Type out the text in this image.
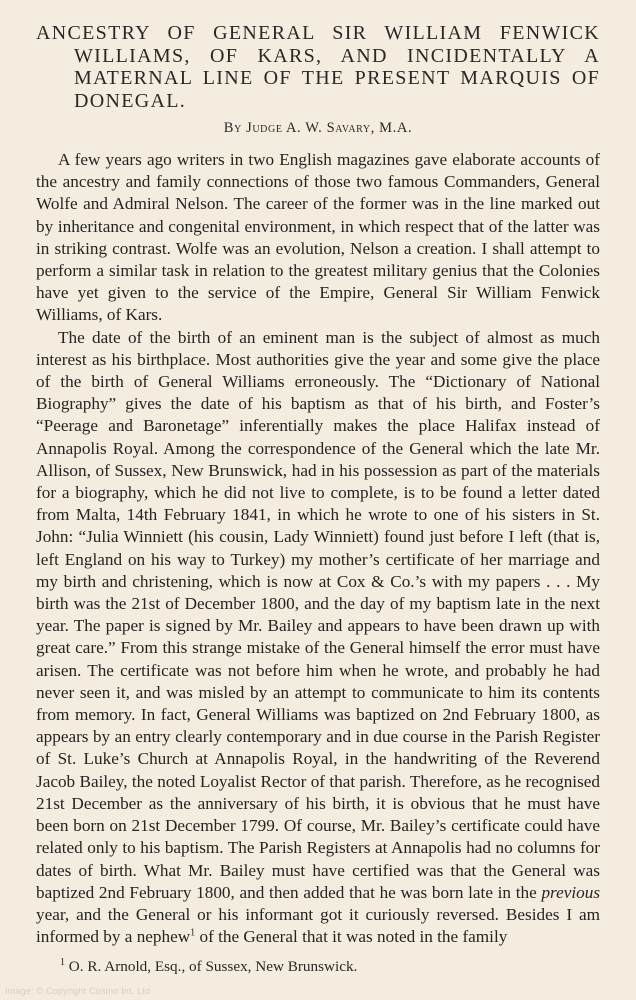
ANCESTRY OF GENERAL SIR WILLIAM FENWICK WILLIAMS, OF KARS, AND INCIDENTALLY A MATERNAL LINE OF THE PRESENT MARQUIS OF DONEGAL.
By Judge A. W. Savary, M.A.

A few years ago writers in two English magazines gave elaborate accounts of the ancestry and family connections of those two famous Commanders, General Wolfe and Admiral Nelson. The career of the former was in the line marked out by inheritance and congenital environment, in which respect that of the latter was in striking contrast. Wolfe was an evolution, Nelson a creation. I shall attempt to perform a similar task in relation to the greatest military genius that the Colonies have yet given to the service of the Empire, General Sir William Fenwick Williams, of Kars.

The date of the birth of an eminent man is the subject of almost as much interest as his birthplace. Most authorities give the year and some give the place of the birth of General Williams erroneously. The “Dictionary of National Biography” gives the date of his baptism as that of his birth, and Foster’s “Peerage and Baronetage” inferentially makes the place Halifax instead of Annapolis Royal. Among the correspondence of the General which the late Mr. Allison, of Sussex, New Brunswick, had in his possession as part of the materials for a biography, which he did not live to complete, is to be found a letter dated from Malta, 14th February 1841, in which he wrote to one of his sisters in St. John: “Julia Winniett (his cousin, Lady Winniett) found just before I left (that is, left England on his way to Turkey) my mother’s certificate of her marriage and my birth and christening, which is now at Cox & Co.’s with my papers . . . My birth was the 21st of December 1800, and the day of my baptism late in the next year. The paper is signed by Mr. Bailey and appears to have been drawn up with great care.” From this strange mistake of the General himself the error must have arisen. The certificate was not before him when he wrote, and probably he had never seen it, and was misled by an attempt to communicate to him its contents from memory. In fact, General Williams was baptized on 2nd February 1800, as appears by an entry clearly contemporary and in due course in the Parish Register of St. Luke’s Church at Annapolis Royal, in the handwriting of the Reverend Jacob Bailey, the noted Loyalist Rector of that parish. Therefore, as he recognised 21st December as the anniversary of his birth, it is obvious that he must have been born on 21st December 1799. Of course, Mr. Bailey’s certificate could have related only to his baptism. The Parish Registers at Annapolis had no columns for dates of birth. What Mr. Bailey must have certified was that the General was baptized 2nd February 1800, and then added that he was born late in the previous year, and the General or his informant got it curiously reversed. Besides I am informed by a nephew$^1$ of the General that it was noted in the family

$^1$ O. R. Arnold, Esq., of Sussex, New Brunswick.
Image: © Copyright Cosmo Int. Ltd
